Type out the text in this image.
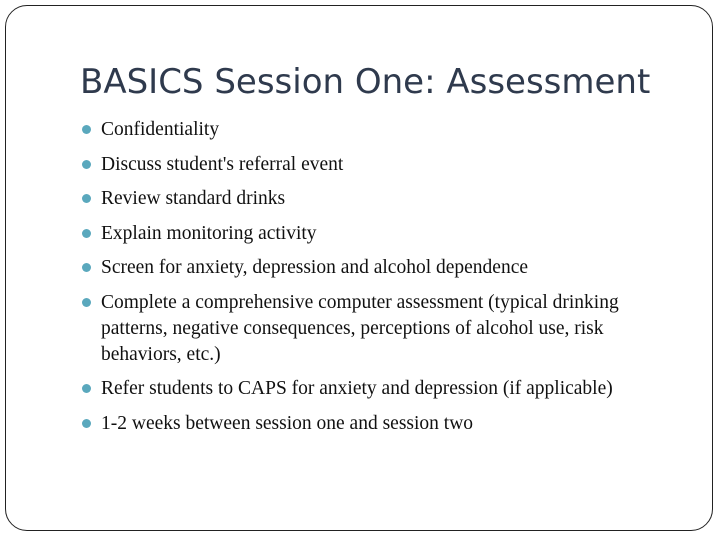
BASICS Session One: Assessment
Confidentiality
Discuss student's referral event
Review standard drinks
Explain monitoring activity
Screen for anxiety, depression and alcohol dependence
Complete a comprehensive computer assessment (typical drinking patterns, negative consequences, perceptions of alcohol use, risk behaviors, etc.)
Refer students to CAPS for anxiety and depression (if applicable)
1-2 weeks between session one and session two
